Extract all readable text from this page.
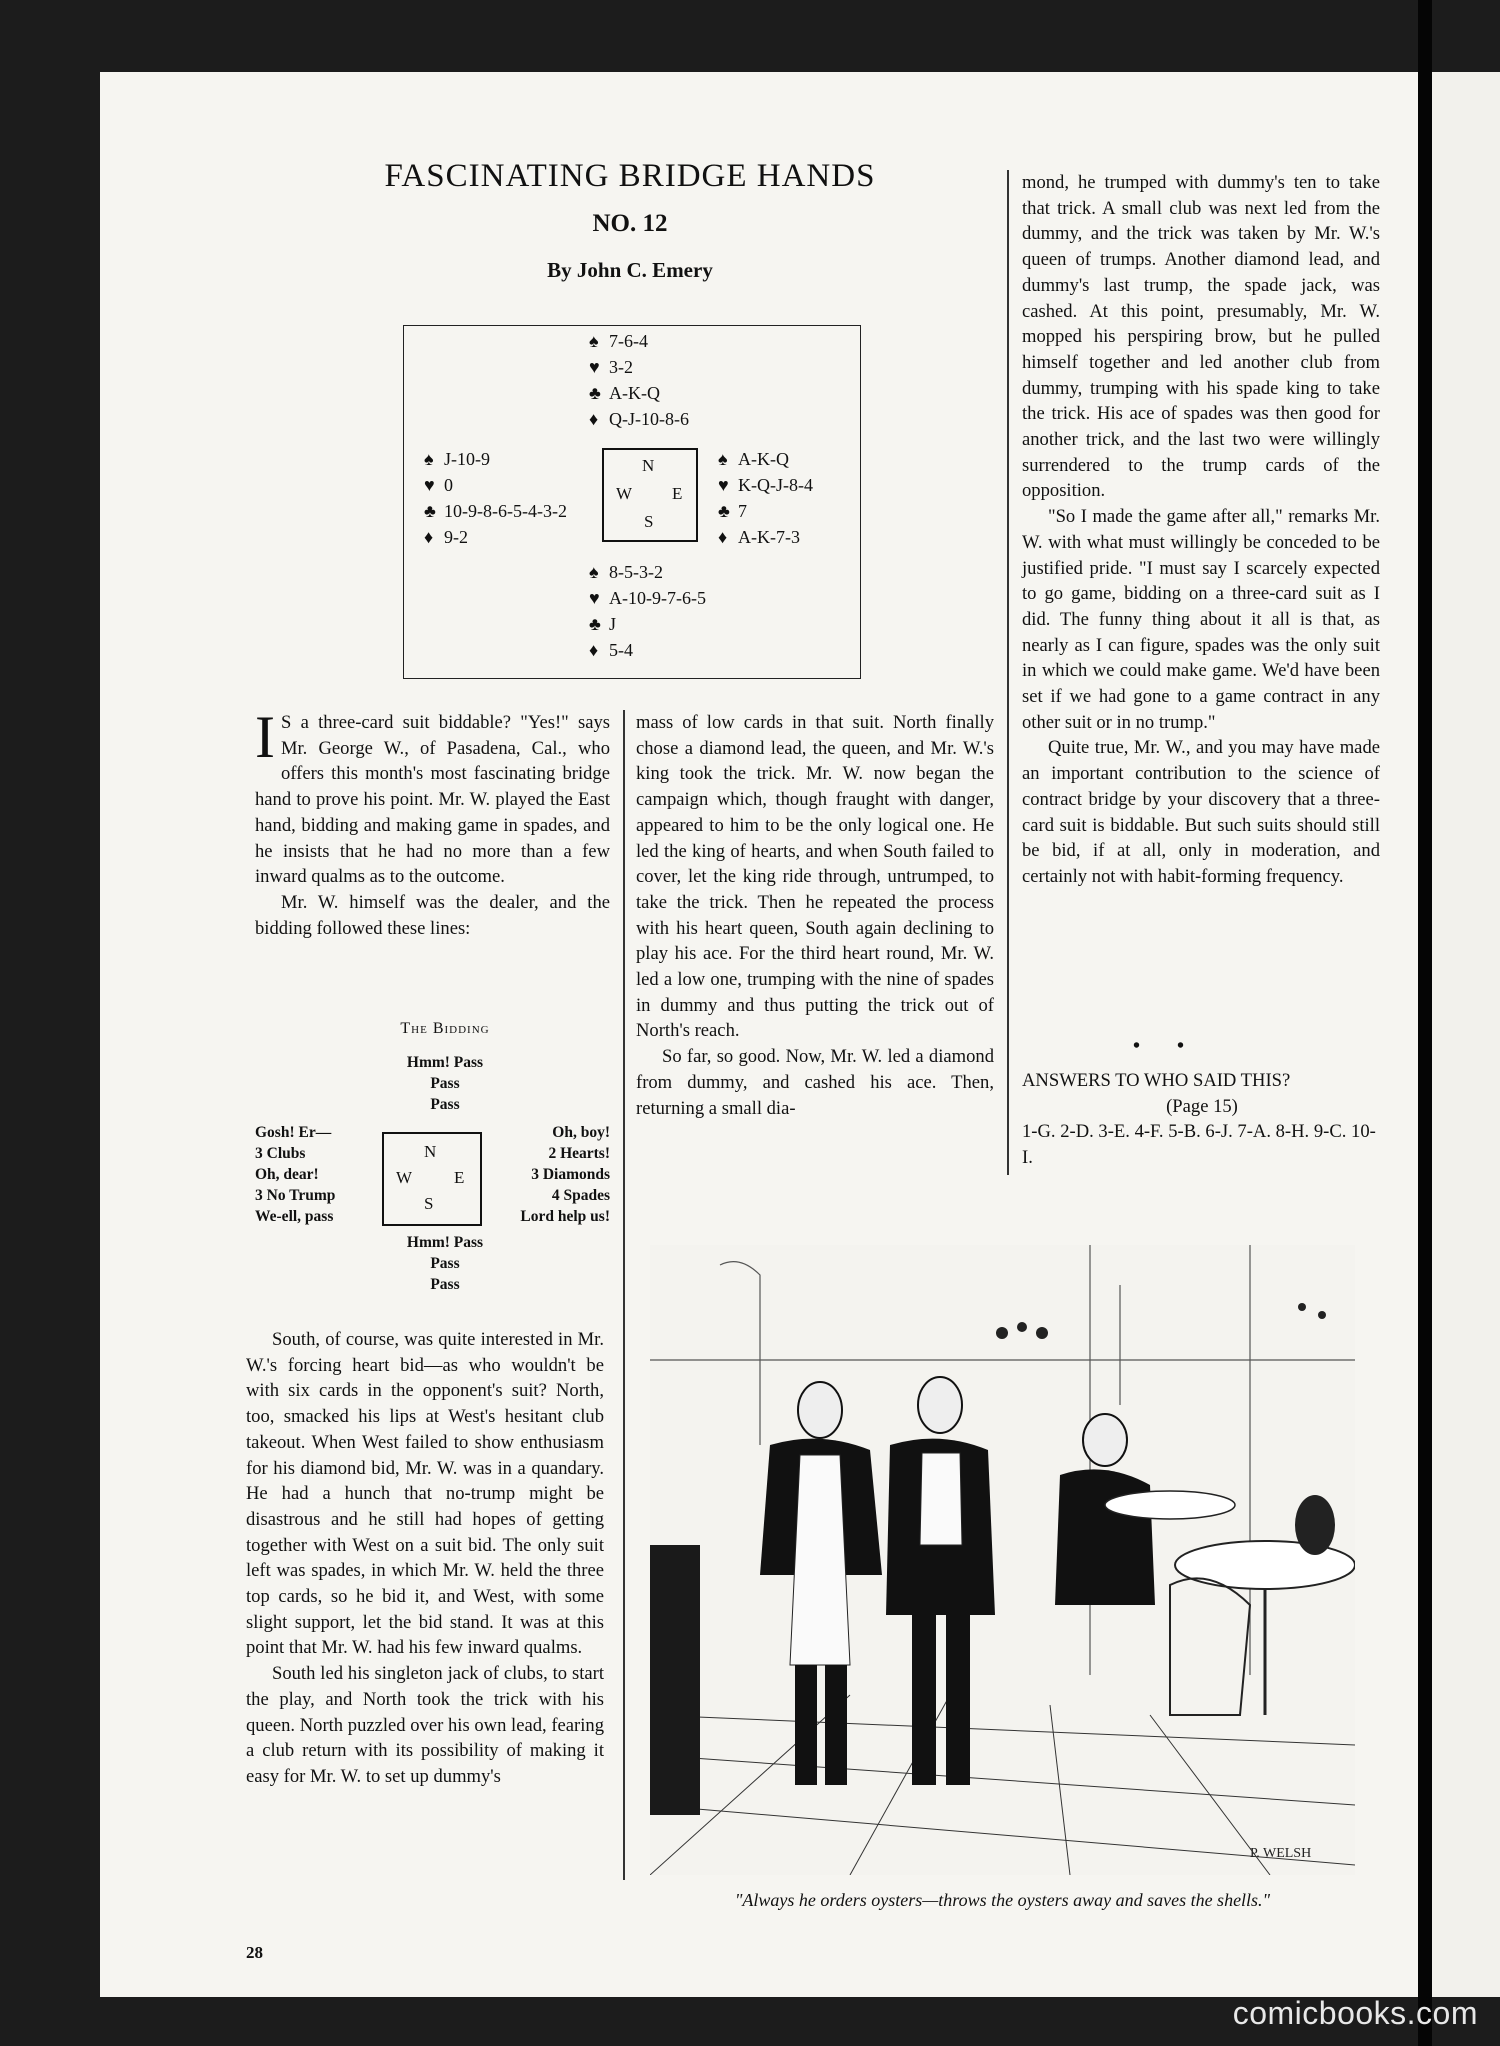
FASCINATING BRIDGE HANDS
NO. 12
By John C. Emery
♠ 7-6-4
♥ 3-2
♣ A-K-Q
♦ Q-J-10-8-6
♠ J-10-9
♥ 0
♣ 10-9-8-6-5-4-3-2
♦ 9-2
N
W E
S
♠ A-K-Q
♥ K-Q-J-8-4
♣ 7
♦ A-K-7-3
♠ 8-5-3-2
♥ A-10-9-7-6-5
♣ J
♦ 5-4

I S a three-card suit biddable? "Yes!" says Mr. George W., of Pasadena, Cal., who offers this month's most fascinating bridge hand to prove his point. Mr. W. played the East hand, bidding and making game in spades, and he insists that he had no more than a few inward qualms as to the outcome.

Mr. W. himself was the dealer, and the bidding followed these lines:

The Bidding
Hmm! Pass
Pass
Pass
Gosh! Er—
3 Clubs
Oh, dear!
3 No Trump
We-ell, pass
N
W E
S
Oh, boy!
2 Hearts!
3 Diamonds
4 Spades
Lord help us!
Hmm! Pass
Pass
Pass

South, of course, was quite interested in Mr. W.'s forcing heart bid—as who wouldn't be with six cards in the opponent's suit? North, too, smacked his lips at West's hesitant club takeout. When West failed to show enthusiasm for his diamond bid, Mr. W. was in a quandary. He had a hunch that no-trump might be disastrous and he still had hopes of getting together with West on a suit bid. The only suit left was spades, in which Mr. W. held the three top cards, so he bid it, and West, with some slight support, let the bid stand. It was at this point that Mr. W. had his few inward qualms.

South led his singleton jack of clubs, to start the play, and North took the trick with his queen. North puzzled over his own lead, fearing a club return with its possibility of making it easy for Mr. W. to set up dummy's

mass of low cards in that suit. North finally chose a diamond lead, the queen, and Mr. W.'s king took the trick. Mr. W. now began the campaign which, though fraught with danger, appeared to him to be the only logical one. He led the king of hearts, and when South failed to cover, let the king ride through, untrumped, to take the trick. Then he repeated the process with his heart queen, South again declining to play his ace. For the third heart round, Mr. W. led a low one, trumping with the nine of spades in dummy and thus putting the trick out of North's reach.

So far, so good. Now, Mr. W. led a diamond from dummy, and cashed his ace. Then, returning a small dia-

mond, he trumped with dummy's ten to take that trick. A small club was next led from the dummy, and the trick was taken by Mr. W.'s queen of trumps. Another diamond lead, and dummy's last trump, the spade jack, was cashed. At this point, presumably, Mr. W. mopped his perspiring brow, but he pulled himself together and led another club from dummy, trumping with his spade king to take the trick. His ace of spades was then good for another trick, and the last two were willingly surrendered to the trump cards of the opposition.

"So I made the game after all," remarks Mr. W. with what must willingly be conceded to be justified pride. "I must say I scarcely expected to go game, bidding on a three-card suit as I did. The funny thing about it all is that, as nearly as I can figure, spades was the only suit in which we could make game. We'd have been set if we had gone to a game contract in any other suit or in no trump."

Quite true, Mr. W., and you may have made an important contribution to the science of contract bridge by your discovery that a three-card suit is biddable. But such suits should still be bid, if at all, only in moderation, and certainly not with habit-forming frequency.

• •
ANSWERS TO WHO SAID THIS?
(Page 15)
1-G. 2-D. 3-E. 4-F. 5-B. 6-J. 7-A. 8-H. 9-C. 10-I.
P. WELSH
"Always he orders oysters—throws the oysters away and saves the shells."
28
comicbooks.com
